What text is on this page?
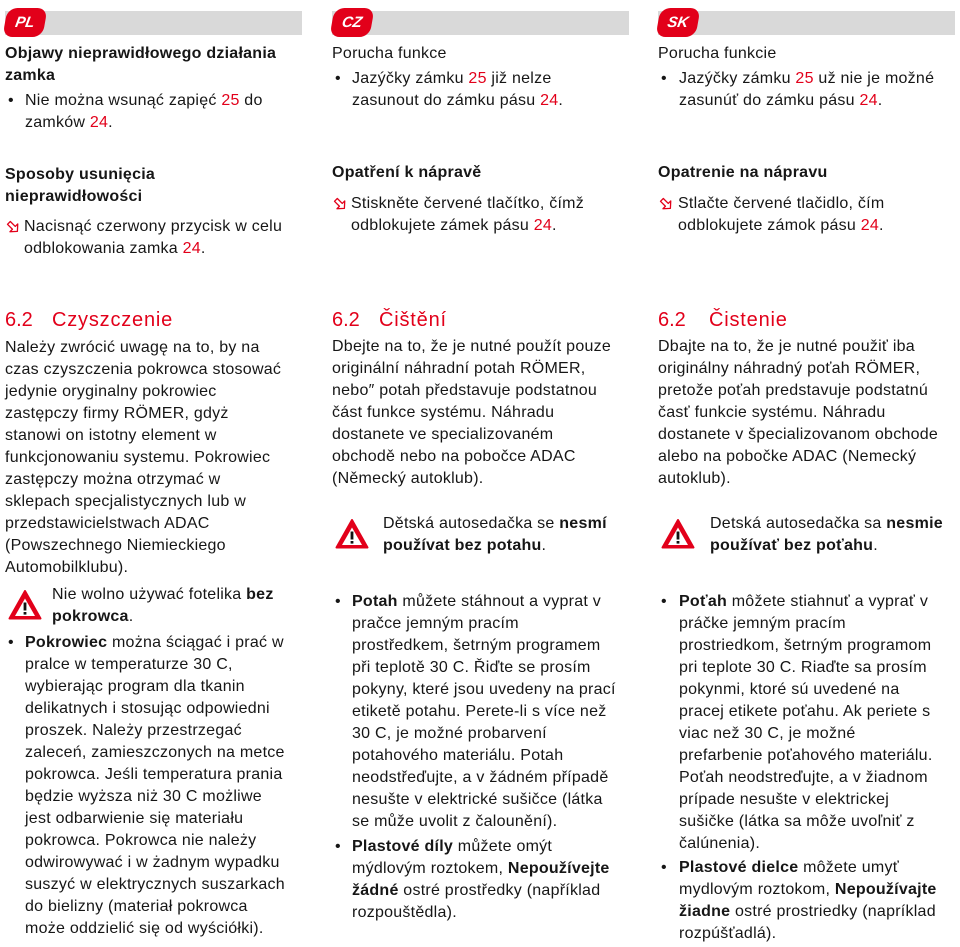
PL
Objawy nieprawidłowego działania
zamka
• Nie można wsunąć zapięć 25 do
zamków 24.
Sposoby usunięcia
nieprawidłowości
Nacisnąć czerwony przycisk w celu
odblokowania zamka 24.
6.2 Czyszczenie
Należy zwrócić uwagę na to, by na
czas czyszczenia pokrowca stosować
jedynie oryginalny pokrowiec
zastępczy firmy RÖMER, gdyż
stanowi on istotny element w
funkcjonowaniu systemu. Pokrowiec
zastępczy można otrzymać w
sklepach specjalistycznych lub w
przedstawicielstwach ADAC
(Powszechnego Niemieckiego
Automobilklubu).
Nie wolno używać fotelika bez
pokrowca.
• Pokrowiec można ściągać i prać w
pralce w temperaturze 30 C,
wybierając program dla tkanin
delikatnych i stosując odpowiedni
proszek. Należy przestrzegać
zaleceń, zamieszczonych na metce
pokrowca. Jeśli temperatura prania
będzie wyższa niż 30 C możliwe
jest odbarwienie się materiału
pokrowca. Pokrowca nie należy
odwirowywać i w żadnym wypadku
suszyć w elektrycznych suszarkach
do bielizny (materiał pokrowca
może oddzielić się od wyściółki).
CZ
Porucha funkce
• Jazýčky zámku 25 již nelze
zasunout do zámku pásu 24.
Opatření k nápravě
Stiskněte červené tlačítko, čímž
odblokujete zámek pásu 24.
6.2 Čištění
Dbejte na to, že je nutné použít pouze
originální náhradní potah RÖMER,
nebo″ potah představuje podstatnou
část funkce systému. Náhradu
dostanete ve specializovaném
obchodě nebo na pobočce ADAC
(Německý autoklub).
Dětská autosedačka se nesmí
používat bez potahu.
• Potah můžete stáhnout a vyprat v
pračce jemným pracím
prostředkem, šetrným programem
při teplotě 30 C. Řiďte se prosím
pokyny, které jsou uvedeny na prací
etiketě potahu. Perete-li s více než
30 C, je možné probarvení
potahového materiálu. Potah
neodstřeďujte, a v žádném případě
nesušte v elektrické sušičce (látka
se může uvolit z čalounění).
• Plastové díly můžete omýt
mýdlovým roztokem, Nepoužívejte
žádné ostré prostředky (například
rozpouštědla).
SK
Porucha funkcie
• Jazýčky zámku 25 už nie je možné
zasunúť do zámku pásu 24.
Opatrenie na nápravu
Stlačte červené tlačidlo, čím
odblokujete zámok pásu 24.
6.2 Čistenie
Dbajte na to, že je nutné použiť iba
originálny náhradný poťah RÖMER,
pretože poťah predstavuje podstatnú
časť funkcie systému. Náhradu
dostanete v špecializovanom obchode
alebo na pobočke ADAC (Nemecký
autoklub).
Detská autosedačka sa nesmie
používať bez poťahu.
• Poťah môžete stiahnuť a vyprať v
práčke jemným pracím
prostriedkom, šetrným programom
pri teplote 30 C. Riaďte sa prosím
pokynmi, ktoré sú uvedené na
pracej etikete poťahu. Ak periete s
viac než 30 C, je možné
prefarbenie poťahového materiálu.
Poťah neodstreďujte, a v žiadnom
prípade nesušte v elektrickej
sušičke (látka sa môže uvoľniť z
čalúnenia).
• Plastové dielce môžete umyť
mydlovým roztokom, Nepoužívajte
žiadne ostré prostriedky (napríklad
rozpúšťadlá).
